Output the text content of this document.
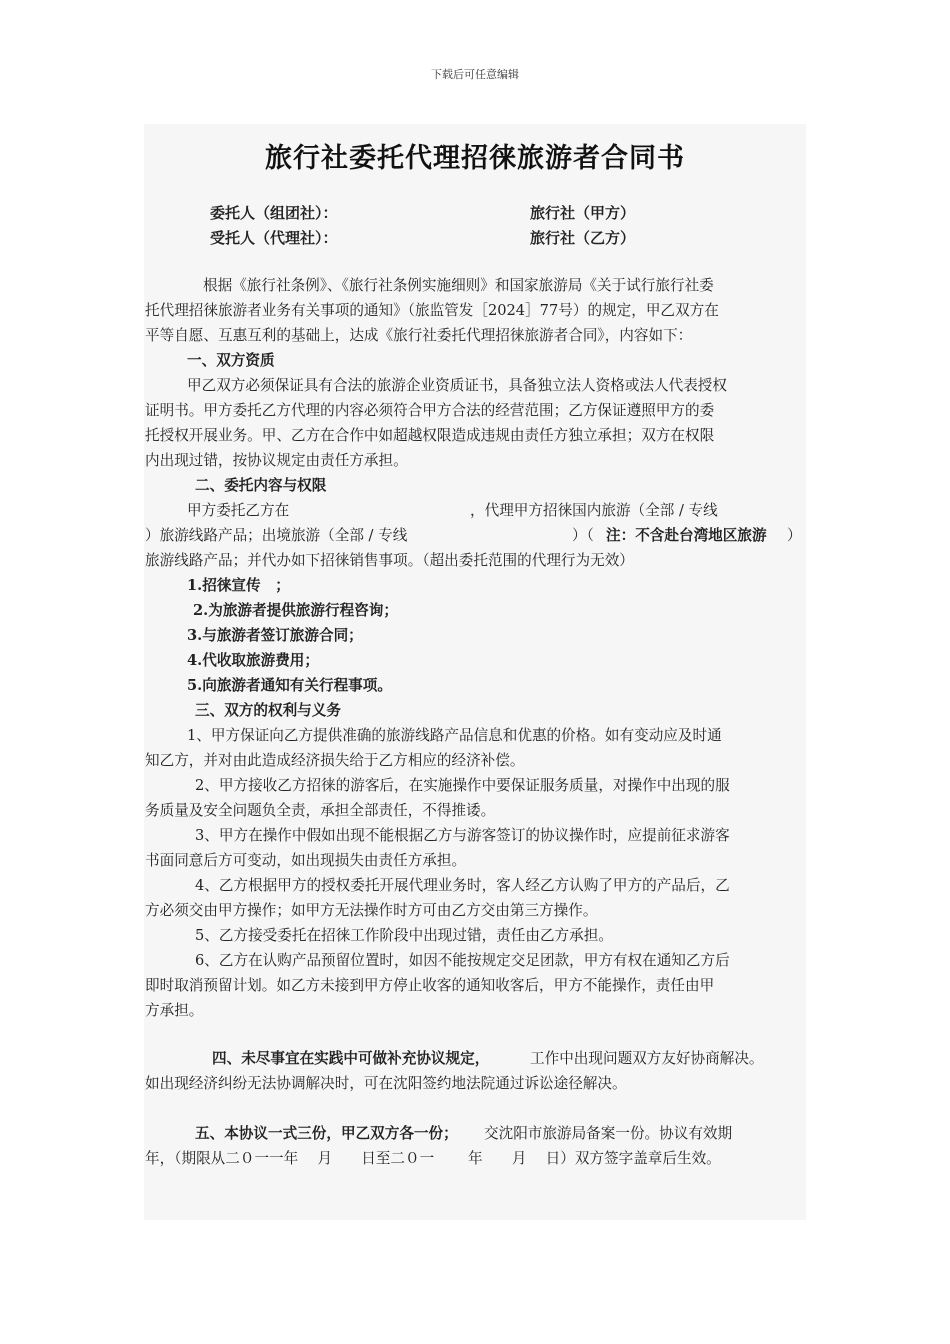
下载后可任意编辑
旅行社委托代理招徕旅游者合同书
委托人（组团社）：	旅行社（甲方）
受托人（代理社）：	旅行社（乙方）
根据《旅行社条例》、《旅行社条例实施细则》和国家旅游局《关于试行旅行社委
托代理招徕旅游者业务有关事项的通知》（旅监管发［2024］77号）的规定，甲乙双方在
平等自愿、互惠互利的基础上，达成《旅行社委托代理招徕旅游者合同》，内容如下：
一、双方资质
甲乙双方必须保证具有合法的旅游企业资质证书，具备独立法人资格或法人代表授权
证明书。甲方委托乙方代理的内容必须符合甲方合法的经营范围；乙方保证遵照甲方的委
托授权开展业务。甲、乙方在合作中如超越权限造成违规由责任方独立承担；双方在权限
内出现过错，按协议规定由责任方承担。
二、委托内容与权限
甲方委托乙方在	，代理甲方招徕国内旅游（全部 / 专线
）旅游线路产品；出境旅游（全部 / 专线	）（ 注：不含赴台湾地区旅游 ）
旅游线路产品；并代办如下招徕销售事项。（超出委托范围的代理行为无效）
1.招徕宣传　；
2.为旅游者提供旅游行程咨询；
3.与旅游者签订旅游合同；
4.代收取旅游费用；
5.向旅游者通知有关行程事项。
三、双方的权利与义务
1、甲方保证向乙方提供准确的旅游线路产品信息和优惠的价格。如有变动应及时通
知乙方，并对由此造成经济损失给于乙方相应的经济补偿。
2、甲方接收乙方招徕的游客后，在实施操作中要保证服务质量，对操作中出现的服
务质量及安全问题负全责，承担全部责任，不得推诿。
3、甲方在操作中假如出现不能根据乙方与游客签订的协议操作时，应提前征求游客
书面同意后方可变动，如出现损失由责任方承担。
4、乙方根据甲方的授权委托开展代理业务时，客人经乙方认购了甲方的产品后，乙
方必须交由甲方操作；如甲方无法操作时方可由乙方交由第三方操作。
5、乙方接受委托在招徕工作阶段中出现过错，责任由乙方承担。
6、乙方在认购产品预留位置时，如因不能按规定交足团款，甲方有权在通知乙方后
即时取消预留计划。如乙方未接到甲方停止收客的通知收客后，甲方不能操作，责任由甲
方承担。
四、未尽事宜在实践中可做补充协议规定，	工作中出现问题双方友好协商解决。
如出现经济纠纷无法协调解决时，可在沈阳签约地法院通过诉讼途径解决。
五、本协议一式三份，甲乙双方各一份； 交沈阳市旅游局备案一份。协议有效期
年，（期限从二０一一年　 月　　日至二０一　　 年　　月　 日）双方签字盖章后生效。
